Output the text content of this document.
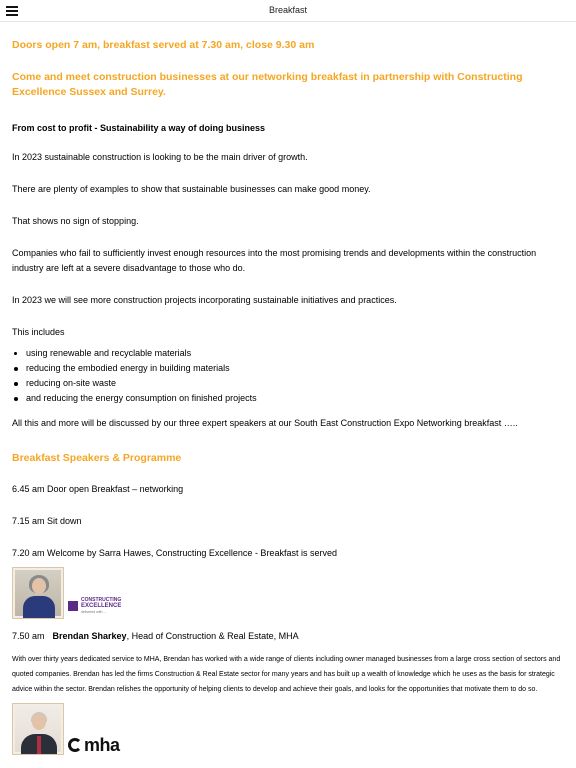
Breakfast

Doors open 7 am, breakfast served at 7.30 am, close 9.30 am

Come and meet construction businesses at our networking breakfast in partnership with Constructing Excellence Sussex and Surrey.

From cost to profit - Sustainability a way of doing business

In 2023 sustainable construction is looking to be the main driver of growth.

There are plenty of examples to show that sustainable businesses can make good money.

That shows no sign of stopping.

Companies who fail to sufficiently invest enough resources into the most promising trends and developments within the construction industry are left at a severe disadvantage to those who do.

In 2023 we will see more construction projects incorporating sustainable initiatives and practices.

This includes

using renewable and recyclable materials
reducing the embodied energy in building materials
reducing on-site waste
and reducing the energy consumption on finished projects

All this and more will be discussed by our three expert speakers at our South East Construction Expo Networking breakfast …..

Breakfast Speakers & Programme

6.45 am Door open Breakfast – networking

7.15 am Sit down

7.20 am Welcome by Sarra Hawes, Constructing Excellence - Breakfast is served

CONSTRUCTING
EXCELLENCE
delivered with ...

7.50 am Brendan Sharkey, Head of Construction & Real Estate, MHA

With over thirty years dedicated service to MHA, Brendan has worked with a wide range of clients including owner managed businesses from a large cross section of sectors and quoted companies. Brendan has led the firms Construction & Real Estate sector for many years and has built up a wealth of knowledge which he uses as the basis for strategic advice within the sector. Brendan relishes the opportunity of helping clients to develop and achieve their goals, and looks for the opportunities that motivate them to do so.

mha
